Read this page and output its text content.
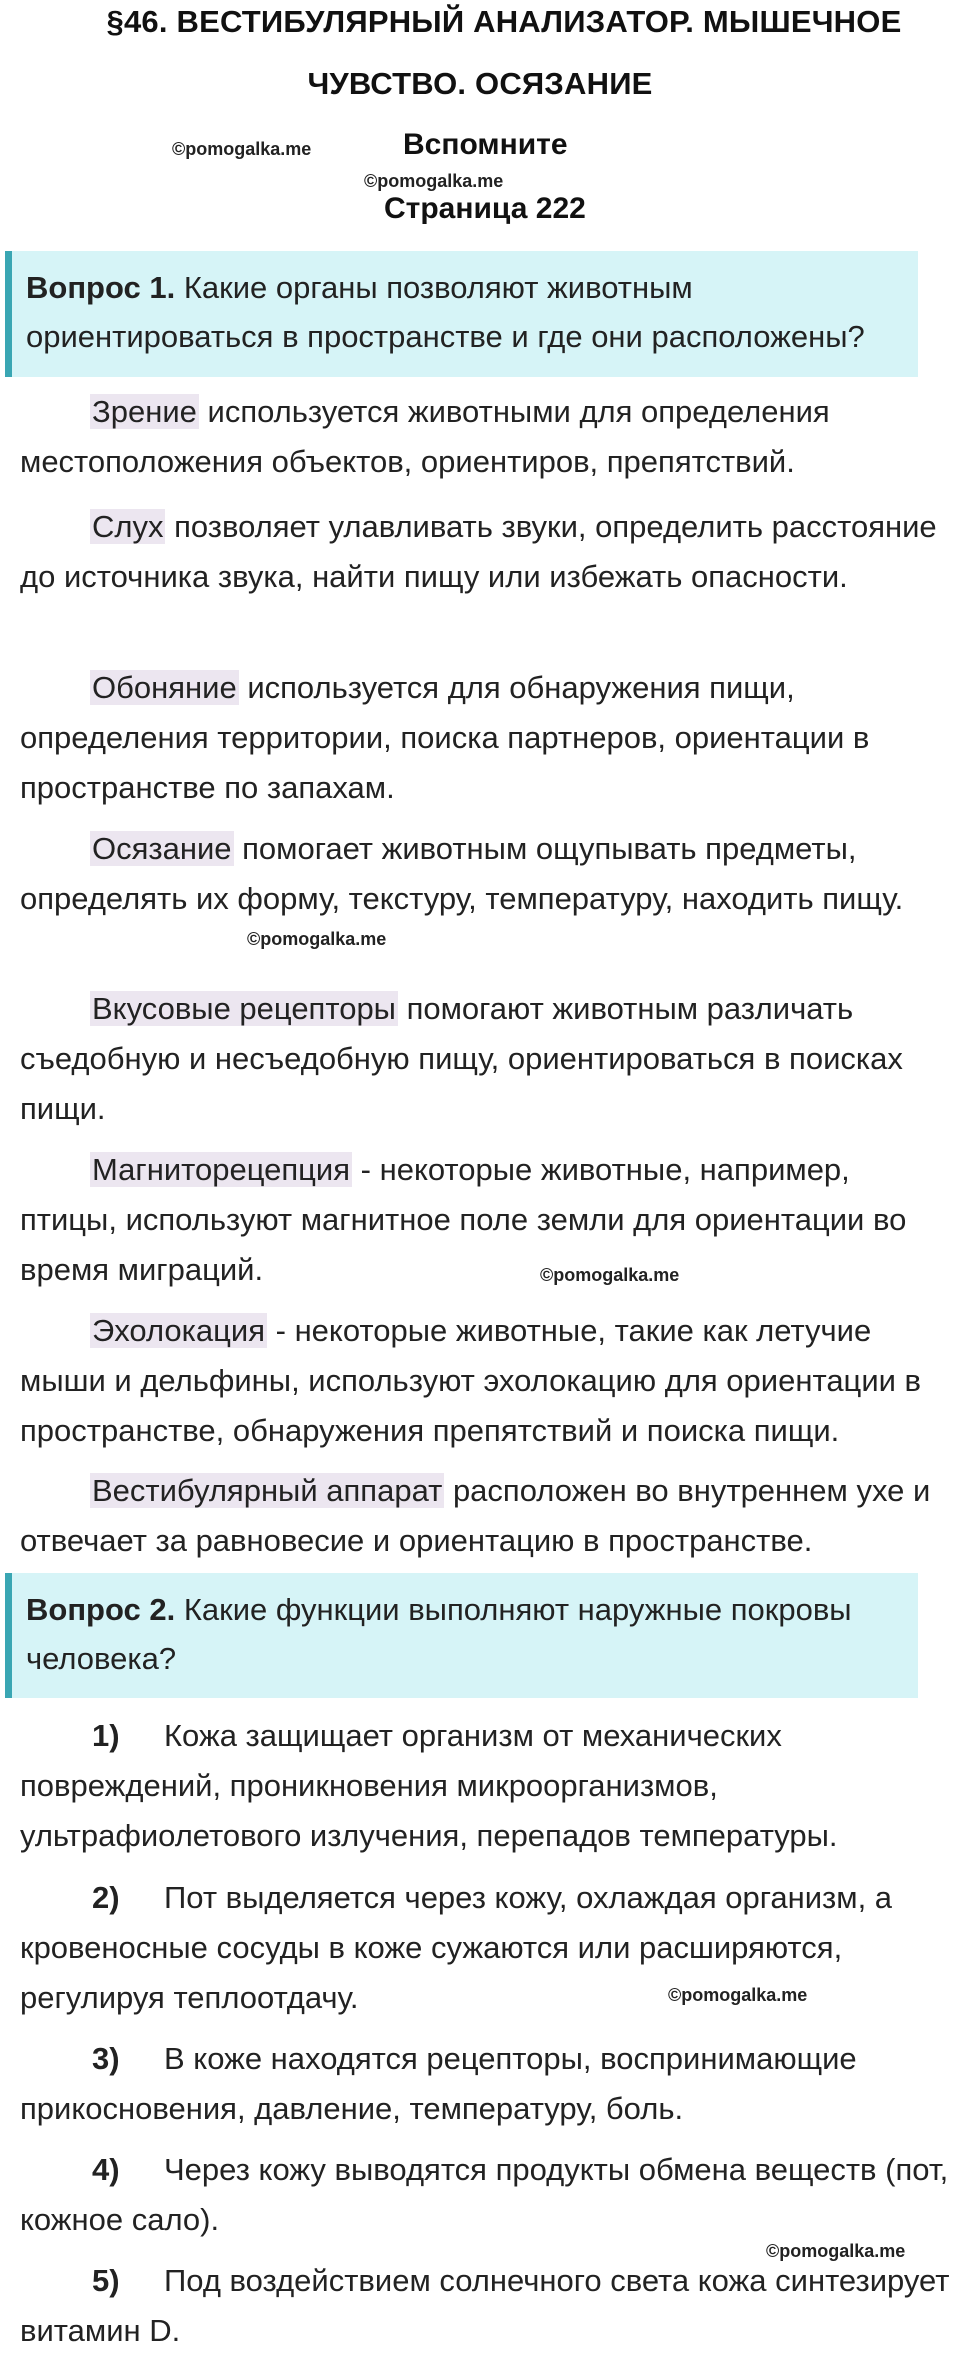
§46. ВЕСТИБУЛЯРНЫЙ АНАЛИЗАТОР. МЫШЕЧНОЕ
ЧУВСТВО. ОСЯЗАНИЕ
©pomogalka.me	Вспомните
©pomogalka.me
Страница 222
Вопрос 1. Какие органы позволяют животным ориентироваться в пространстве и где они расположены?
Зрение используется животными для определения местоположения объектов, ориентиров, препятствий.
Слух позволяет улавливать звуки, определить расстояние до источника звука, найти пищу или избежать опасности.
Обоняние используется для обнаружения пищи, определения территории, поиска партнеров, ориентации в пространстве по запахам.
Осязание помогает животным ощупывать предметы, определять их форму, текстуру, температуру, находить пищу.
©pomogalka.me
Вкусовые рецепторы помогают животным различать съедобную и несъедобную пищу, ориентироваться в поисках пищи.
Магниторецепция - некоторые животные, например, птицы, используют магнитное поле земли для ориентации во время миграций.	©pomogalka.me
Эхолокация - некоторые животные, такие как летучие мыши и дельфины, используют эхолокацию для ориентации в пространстве, обнаружения препятствий и поиска пищи.
Вестибулярный аппарат расположен во внутреннем ухе и отвечает за равновесие и ориентацию в пространстве.
Вопрос 2. Какие функции выполняют наружные покровы человека?
1) Кожа защищает организм от механических повреждений, проникновения микроорганизмов, ультрафиолетового излучения, перепадов температуры.
2) Пот выделяется через кожу, охлаждая организм, а кровеносные сосуды в коже сужаются или расширяются, регулируя теплоотдачу.	©pomogalka.me
3) В коже находятся рецепторы, воспринимающие прикосновения, давление, температуру, боль.
4) Через кожу выводятся продукты обмена веществ (пот, кожное сало).
©pomogalka.me
5) Под воздействием солнечного света кожа синтезирует витамин D.
